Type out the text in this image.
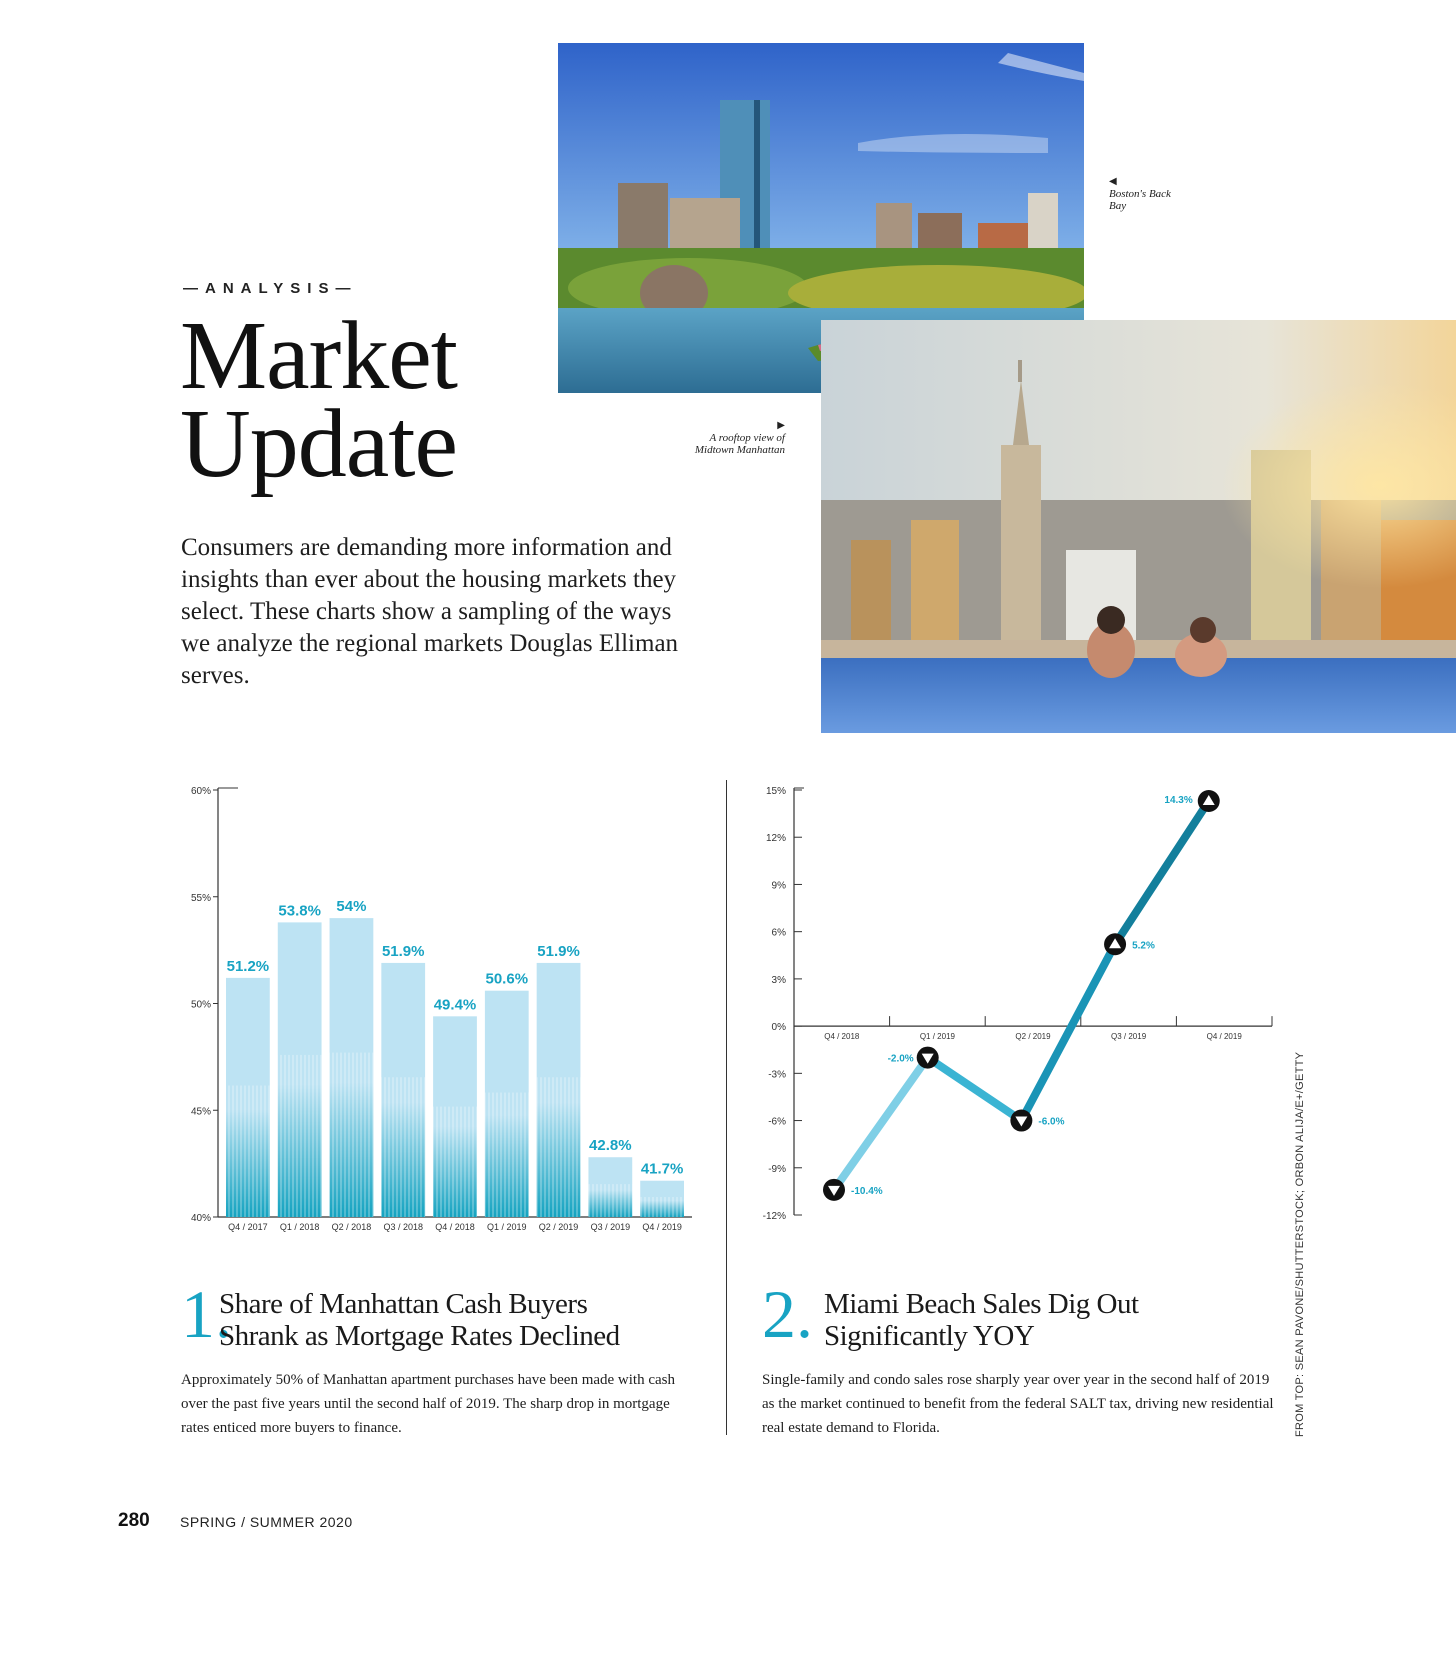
—ANALYSIS—
Market
Update
Consumers are demanding more information and insights than ever about the housing markets they select. These charts show a sampling of the ways we analyze the regional markets Douglas Elliman serves.
◀
Boston's Back Bay
▶
A rooftop view of Midtown Manhattan
40%
45%
50%
55%
60%
51.2%
Q4 / 2017
53.8%
Q1 / 2018
54%
Q2 / 2018
51.9%
Q3 / 2018
49.4%
Q4 / 2018
50.6%
Q1 / 2019
51.9%
Q2 / 2019
42.8%
Q3 / 2019
41.7%
Q4 / 2019
15%
12%
9%
6%
3%
0%
-3%
-6%
-9%
-12%
Q4 / 2018	Q1 / 2019	Q2 / 2019	Q3 / 2019	Q4 / 2019
-10.4%
-2.0%
-6.0%
5.2%
14.3%
1.
Share of Manhattan Cash Buyers
Shrank as Mortgage Rates Declined
Approximately 50% of Manhattan apartment purchases have been made with cash over the past five years until the second half of 2019. The sharp drop in mortgage rates enticed more buyers to finance.
2. Miami Beach Sales Dig Out
Significantly YOY
Single-family and condo sales rose sharply year over year in the second half of 2019 as the market continued to benefit from the federal SALT tax, driving new residential real estate demand to Florida.
280 SPRING / SUMMER 2020
FROM TOP: SEAN PAVONE/SHUTTERSTOCK; ORBON ALIJA/E+/GETTY
